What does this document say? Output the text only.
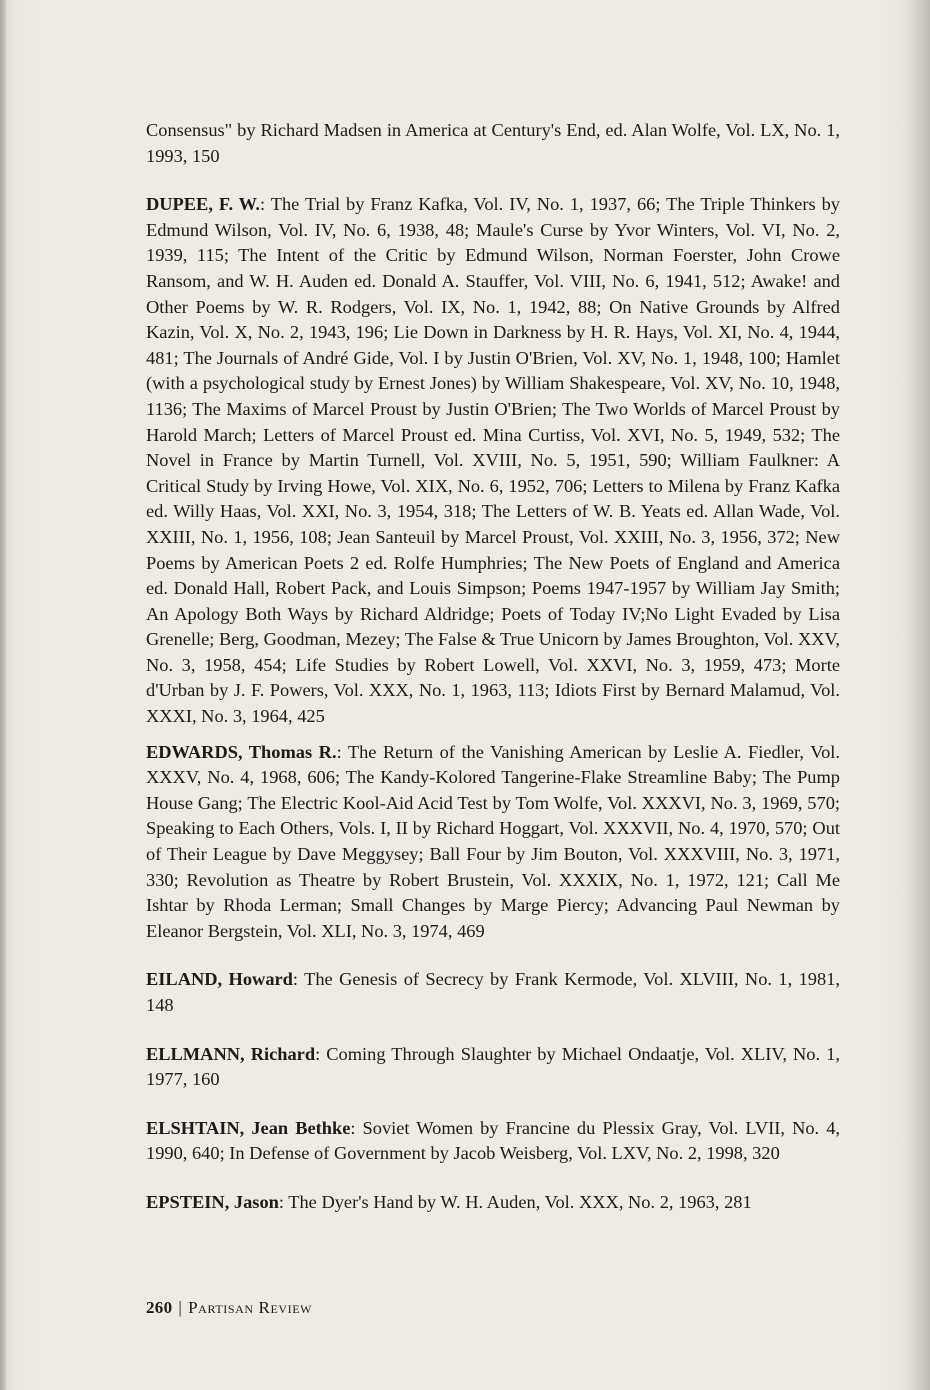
Consensus" by Richard Madsen in America at Century's End, ed. Alan Wolfe, Vol. LX, No. 1, 1993, 150

DUPEE, F. W.: The Trial by Franz Kafka, Vol. IV, No. 1, 1937, 66; The Triple Thinkers by Edmund Wilson, Vol. IV, No. 6, 1938, 48; Maule's Curse by Yvor Winters, Vol. VI, No. 2, 1939, 115; The Intent of the Critic by Edmund Wilson, Norman Foerster, John Crowe Ransom, and W. H. Auden ed. Donald A. Stauffer, Vol. VIII, No. 6, 1941, 512; Awake! and Other Poems by W. R. Rodgers, Vol. IX, No. 1, 1942, 88; On Native Grounds by Alfred Kazin, Vol. X, No. 2, 1943, 196; Lie Down in Darkness by H. R. Hays, Vol. XI, No. 4, 1944, 481; The Journals of André Gide, Vol. I by Justin O'Brien, Vol. XV, No. 1, 1948, 100; Hamlet (with a psychological study by Ernest Jones) by William Shakespeare, Vol. XV, No. 10, 1948, 1136; The Maxims of Marcel Proust by Justin O'Brien; The Two Worlds of Marcel Proust by Harold March; Letters of Marcel Proust ed. Mina Curtiss, Vol. XVI, No. 5, 1949, 532; The Novel in France by Martin Turnell, Vol. XVIII, No. 5, 1951, 590; William Faulkner: A Critical Study by Irving Howe, Vol. XIX, No. 6, 1952, 706; Letters to Milena by Franz Kafka ed. Willy Haas, Vol. XXI, No. 3, 1954, 318; The Letters of W. B. Yeats ed. Allan Wade, Vol. XXIII, No. 1, 1956, 108; Jean Santeuil by Marcel Proust, Vol. XXIII, No. 3, 1956, 372; New Poems by American Poets 2 ed. Rolfe Humphries; The New Poets of England and America ed. Donald Hall, Robert Pack, and Louis Simpson; Poems 1947-1957 by William Jay Smith; An Apology Both Ways by Richard Aldridge; Poets of Today IV;No Light Evaded by Lisa Grenelle; Berg, Goodman, Mezey; The False & True Unicorn by James Broughton, Vol. XXV, No. 3, 1958, 454; Life Studies by Robert Lowell, Vol. XXVI, No. 3, 1959, 473; Morte d'Urban by J. F. Powers, Vol. XXX, No. 1, 1963, 113; Idiots First by Bernard Malamud, Vol. XXXI, No. 3, 1964, 425

EDWARDS, Thomas R.: The Return of the Vanishing American by Leslie A. Fiedler, Vol. XXXV, No. 4, 1968, 606; The Kandy-Kolored Tangerine-Flake Streamline Baby; The Pump House Gang; The Electric Kool-Aid Acid Test by Tom Wolfe, Vol. XXXVI, No. 3, 1969, 570; Speaking to Each Others, Vols. I, II by Richard Hoggart, Vol. XXXVII, No. 4, 1970, 570; Out of Their League by Dave Meggysey; Ball Four by Jim Bouton, Vol. XXXVIII, No. 3, 1971, 330; Revolution as Theatre by Robert Brustein, Vol. XXXIX, No. 1, 1972, 121; Call Me Ishtar by Rhoda Lerman; Small Changes by Marge Piercy; Advancing Paul Newman by Eleanor Bergstein, Vol. XLI, No. 3, 1974, 469

EILAND, Howard: The Genesis of Secrecy by Frank Kermode, Vol. XLVIII, No. 1, 1981, 148

ELLMANN, Richard: Coming Through Slaughter by Michael Ondaatje, Vol. XLIV, No. 1, 1977, 160

ELSHTAIN, Jean Bethke: Soviet Women by Francine du Plessix Gray, Vol. LVII, No. 4, 1990, 640; In Defense of Government by Jacob Weisberg, Vol. LXV, No. 2, 1998, 320

EPSTEIN, Jason: The Dyer's Hand by W. H. Auden, Vol. XXX, No. 2, 1963, 281

260 | Partisan Review
